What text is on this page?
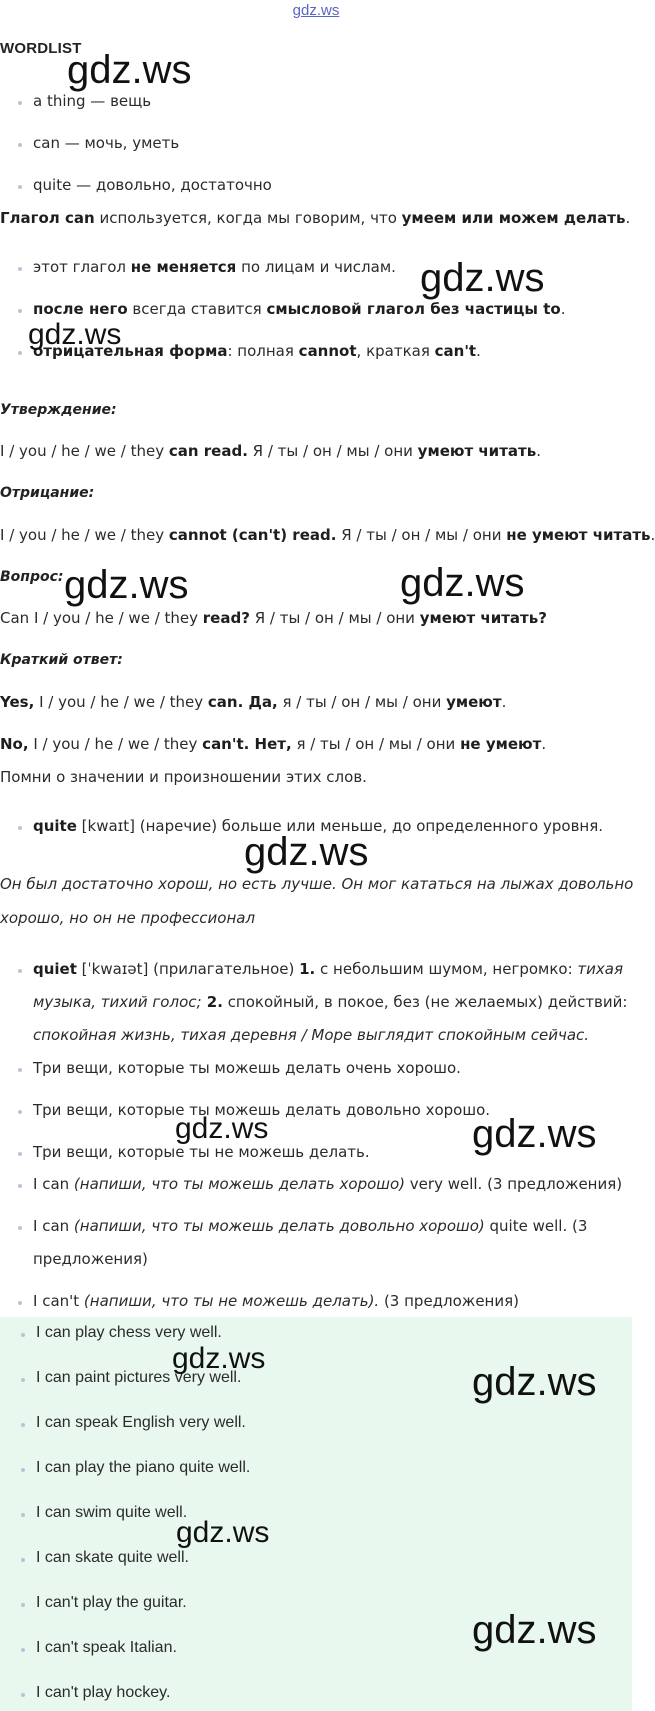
gdz.ws
WORDLIST
a thing — вещь
can — мочь, уметь
quite — довольно, достаточно
Глагол can используется, когда мы говорим, что умеем или можем делать.
этот глагол не меняется по лицам и числам.
после него всегда ставится смысловой глагол без частицы to.
отрицательная форма: полная cannot, краткая can't.
Утверждение:
I / you / he / we / they can read. Я / ты / он / мы / они умеют читать.
Отрицание:
I / you / he / we / they cannot (can't) read. Я / ты / он / мы / они не умеют читать.
Вопрос:
Can I / you / he / we / they read? Я / ты / он / мы / они умеют читать?
Краткий ответ:
Yes, I / you / he / we / they can. Да, я / ты / он / мы / они умеют.
No, I / you / he / we / they can't. Нет, я / ты / он / мы / они не умеют.
Помни о значении и произношении этих слов.
quite [kwaɪt] (наречие) больше или меньше, до определенного уровня.
Он был достаточно хорош, но есть лучше. Он мог кататься на лыжах довольно
хорошо, но он не профессионал
quiet [ˈkwaɪət] (прилагательное) 1. с небольшим шумом, негромко: тихая
музыка, тихий голос; 2. спокойный, в покое, без (не желаемых) действий:
спокойная жизнь, тихая деревня / Море выглядит спокойным сейчас.
Три вещи, которые ты можешь делать очень хорошо.
Три вещи, которые ты можешь делать довольно хорошо.
Три вещи, которые ты не можешь делать.
I can (напиши, что ты можешь делать хорошо) very well. (3 предложения)
I can (напиши, что ты можешь делать довольно хорошо) quite well. (3
предложения)
I can't (напиши, что ты не можешь делать). (3 предложения)
I can play chess very well.
I can paint pictures very well.
I can speak English very well.
I can play the piano quite well.
I can swim quite well.
I can skate quite well.
I can't play the guitar.
I can't speak Italian.
I can't play hockey.
gdz.ws
gdz.ws
gdz.ws
gdz.ws	gdz.ws
gdz.ws
gdz.ws	gdz.ws
gdz.ws
gdz.ws
gdz.ws
gdz.ws
